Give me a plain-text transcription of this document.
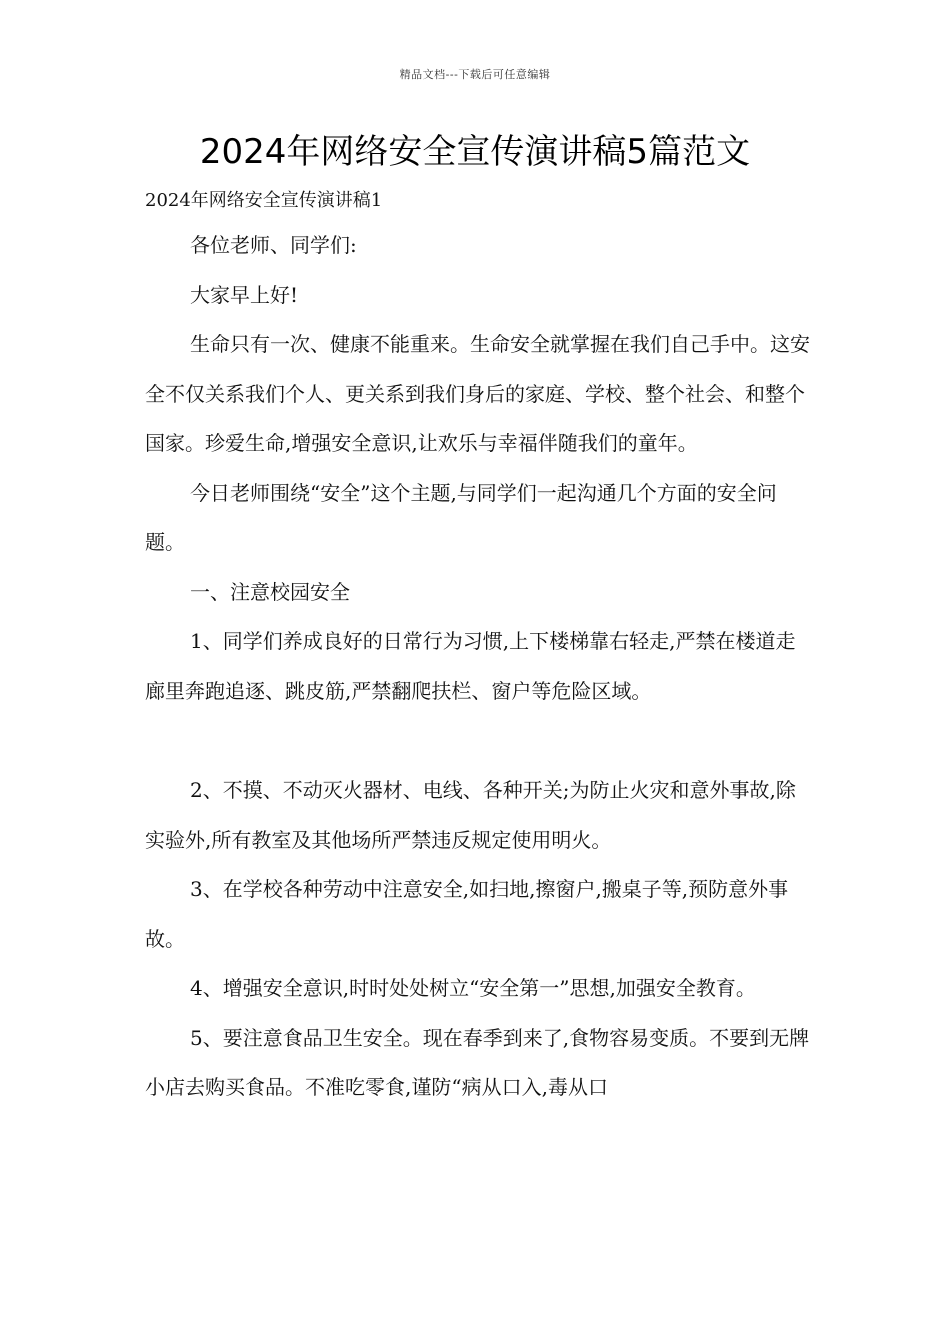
精品文档---下载后可任意编辑
2024年网络安全宣传演讲稿5篇范文

2024年网络安全宣传演讲稿1

各位老师、同学们:

大家早上好!

生命只有一次、健康不能重来。生命安全就掌握在我们自己手中。这安全不仅关系我们个人、更关系到我们身后的家庭、学校、整个社会、和整个国家。珍爱生命,增强安全意识,让欢乐与幸福伴随我们的童年。

今日老师围绕“安全”这个主题,与同学们一起沟通几个方面的安全问题。

一、注意校园安全

1、同学们养成良好的日常行为习惯,上下楼梯靠右轻走,严禁在楼道走廊里奔跑追逐、跳皮筋,严禁翻爬扶栏、窗户等危险区域。

2、不摸、不动灭火器材、电线、各种开关;为防止火灾和意外事故,除实验外,所有教室及其他场所严禁违反规定使用明火。

3、在学校各种劳动中注意安全,如扫地,擦窗户,搬桌子等,预防意外事故。

4、增强安全意识,时时处处树立“安全第一”思想,加强安全教育。

5、要注意食品卫生安全。现在春季到来了,食物容易变质。不要到无牌小店去购买食品。不准吃零食,谨防“病从口入,毒从口
